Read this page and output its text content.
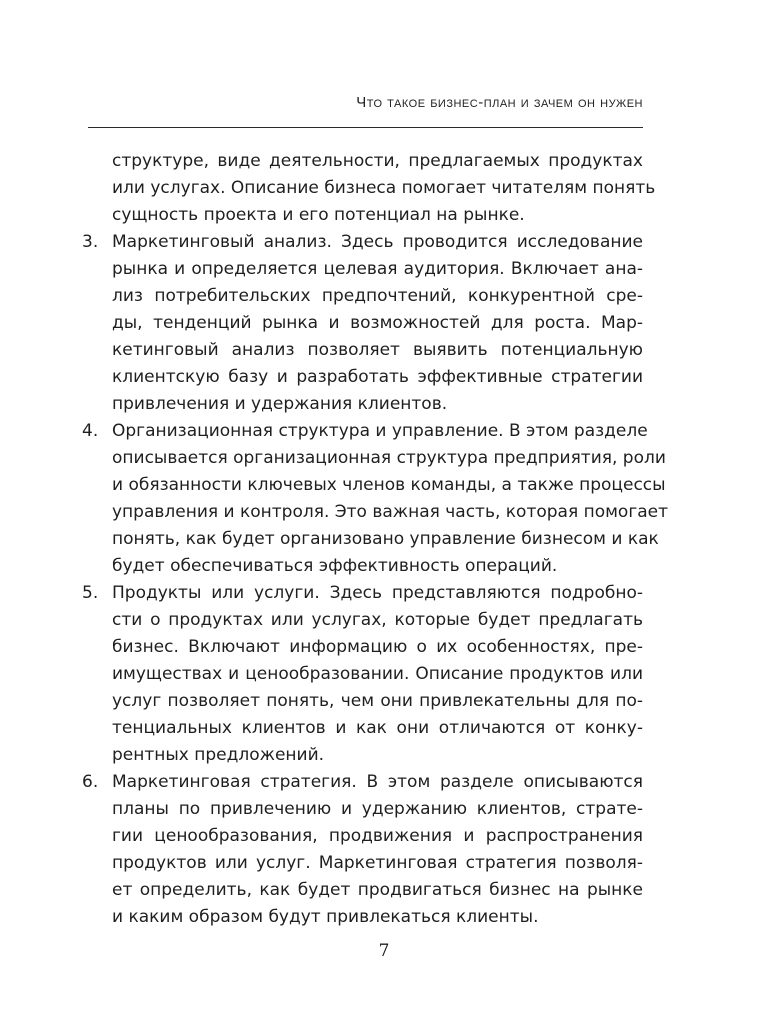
Что такое бизнес-план и зачем он нужен
структуре, виде деятельности, предлагаемых продуктах
или услугах. Описание бизнеса помогает читателям понять
сущность проекта и его потенциал на рынке.
3. Маркетинговый анализ. Здесь проводится исследование
рынка и определяется целевая аудитория. Включает ана-
лиз потребительских предпочтений, конкурентной сре-
ды, тенденций рынка и возможностей для роста. Мар-
кетинговый анализ позволяет выявить потенциальную
клиентскую базу и разработать эффективные стратегии
привлечения и удержания клиентов.
4. Организационная структура и управление. В этом разделе
описывается организационная структура предприятия, роли
и обязанности ключевых членов команды, а также процессы
управления и контроля. Это важная часть, которая помогает
понять, как будет организовано управление бизнесом и как
будет обеспечиваться эффективность операций.
5. Продукты или услуги. Здесь представляются подробно-
сти о продуктах или услугах, которые будет предлагать
бизнес. Включают информацию о их особенностях, пре-
имуществах и ценообразовании. Описание продуктов или
услуг позволяет понять, чем они привлекательны для по-
тенциальных клиентов и как они отличаются от конку-
рентных предложений.
6. Маркетинговая стратегия. В этом разделе описываются
планы по привлечению и удержанию клиентов, страте-
гии ценообразования, продвижения и распространения
продуктов или услуг. Маркетинговая стратегия позволя-
ет определить, как будет продвигаться бизнес на рынке
и каким образом будут привлекаться клиенты.
7
